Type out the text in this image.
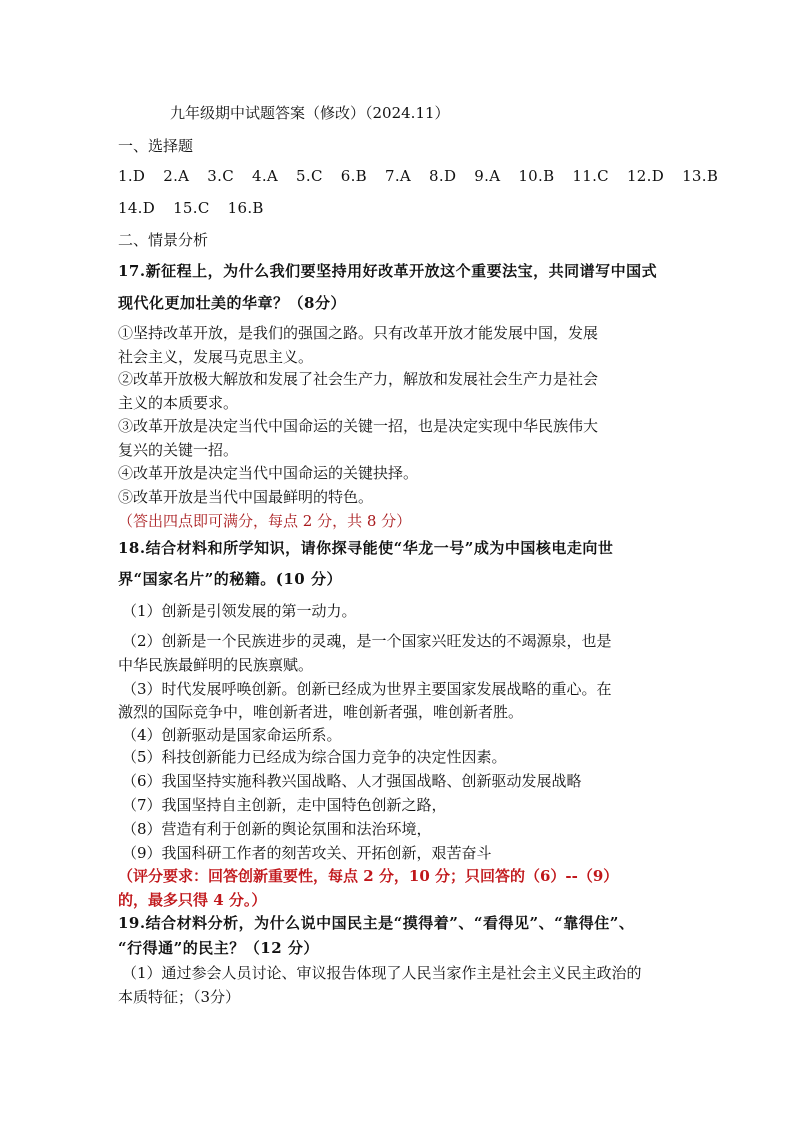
九年级期中试题答案（修改）（2024.11）
一、选择题
1.D 2.A 3.C 4.A 5.C 6.B 7.A 8.D 9.A 10.B 11.C 12.D 13.B
14.D 15.C 16.B
二、情景分析
17.新征程上，为什么我们要坚持用好改革开放这个重要法宝，共同谱写中国式
现代化更加壮美的华章？（8分）
①坚持改革开放，是我们的强国之路。只有改革开放才能发展中国，发展
社会主义，发展马克思主义。
②改革开放极大解放和发展了社会生产力，解放和发展社会生产力是社会
主义的本质要求。
③改革开放是决定当代中国命运的关键一招，也是决定实现中华民族伟大
复兴的关键一招。
④改革开放是决定当代中国命运的关键抉择。
⑤改革开放是当代中国最鲜明的特色。
（答出四点即可满分，每点 2 分，共 8 分）
18.结合材料和所学知识，请你探寻能使“华龙一号”成为中国核电走向世
界“国家名片”的秘籍。(10 分）
（1）创新是引领发展的第一动力。
（2）创新是一个民族进步的灵魂，是一个国家兴旺发达的不竭源泉，也是
中华民族最鲜明的民族禀赋。
（3）时代发展呼唤创新。创新已经成为世界主要国家发展战略的重心。在
激烈的国际竞争中，唯创新者进，唯创新者强，唯创新者胜。
（4）创新驱动是国家命运所系。
（5）科技创新能力已经成为综合国力竞争的决定性因素。
（6）我国坚持实施科教兴国战略、人才强国战略、创新驱动发展战略
（7）我国坚持自主创新，走中国特色创新之路，
（8）营造有利于创新的舆论氛围和法治环境，
（9）我国科研工作者的刻苦攻关、开拓创新，艰苦奋斗
（评分要求：回答创新重要性，每点 2 分，10 分；只回答的（6）--（9）
的，最多只得 4 分。）
19.结合材料分析，为什么说中国民主是“摸得着”、“看得见”、“靠得住”、
“行得通”的民主？（12 分）
（1）通过参会人员讨论、审议报告体现了人民当家作主是社会主义民主政治的
本质特征；（3分）
